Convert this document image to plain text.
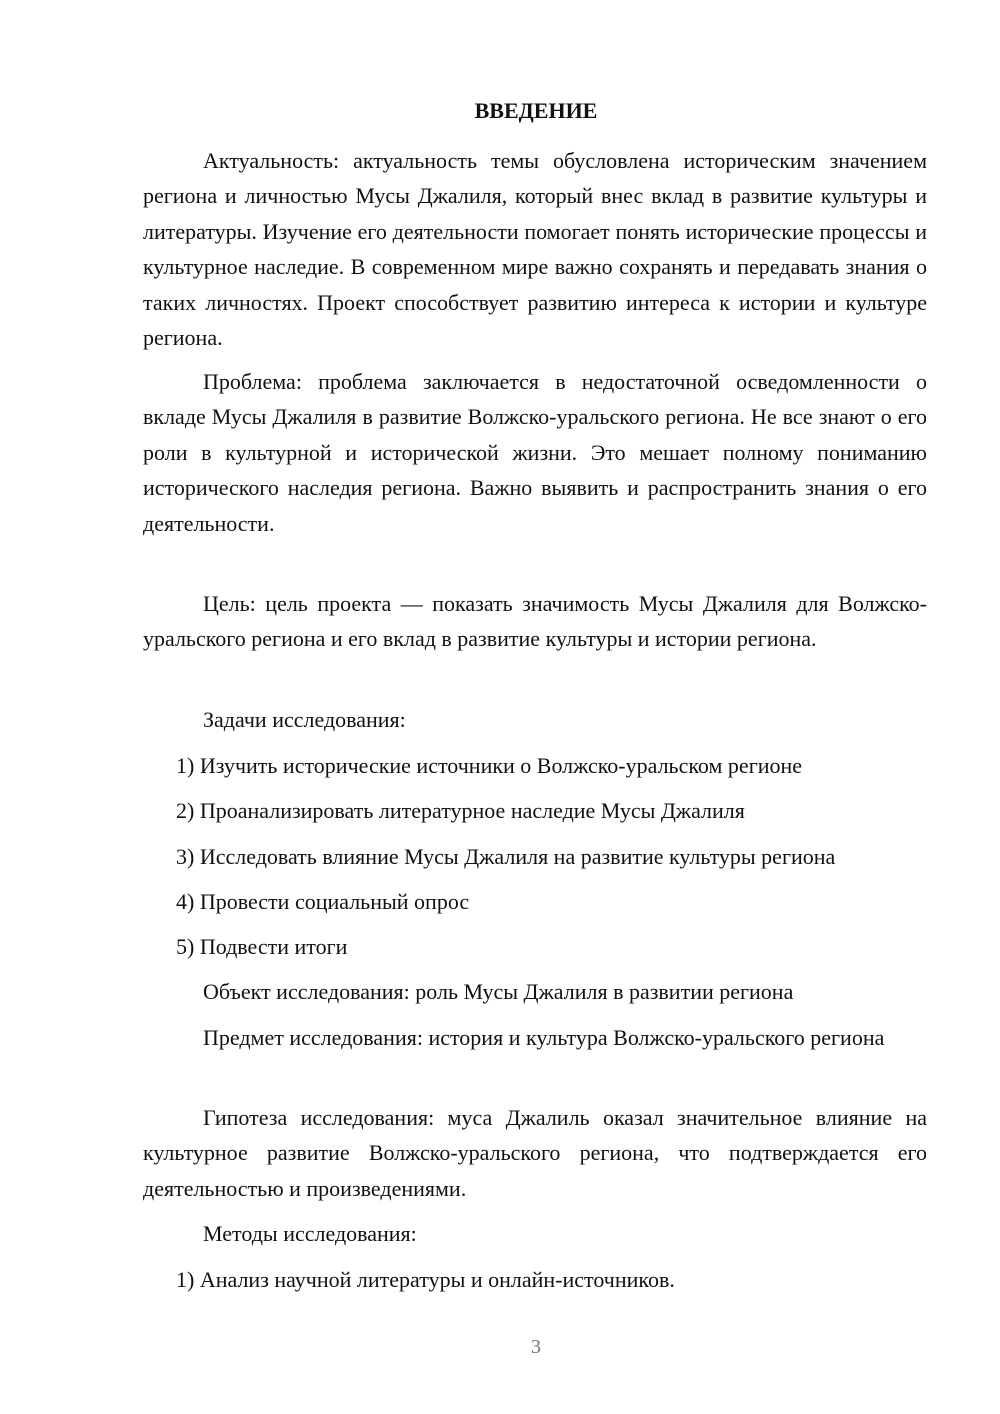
ВВЕДЕНИЕ

Актуальность: актуальность темы обусловлена историческим значением региона и личностью Мусы Джалиля, который внес вклад в развитие культуры и литературы. Изучение его деятельности помогает понять исторические процессы и культурное наследие. В современном мире важно сохранять и передавать знания о таких личностях. Проект способствует развитию интереса к истории и культуре региона.

Проблема: проблема заключается в недостаточной осведомленности о вкладе Мусы Джалиля в развитие Волжско-уральского региона. Не все знают о его роли в культурной и исторической жизни. Это мешает полному пониманию исторического наследия региона. Важно выявить и распространить знания о его деятельности.

Цель: цель проекта — показать значимость Мусы Джалиля для Волжско-уральского региона и его вклад в развитие культуры и истории региона.

Задачи исследования:

1) Изучить исторические источники о Волжско-уральском регионе

2) Проанализировать литературное наследие Мусы Джалиля

3) Исследовать влияние Мусы Джалиля на развитие культуры региона

4) Провести социальный опрос

5) Подвести итоги

Объект исследования: роль Мусы Джалиля в развитии региона

Предмет исследования: история и культура Волжско-уральского региона

Гипотеза исследования: муса Джалиль оказал значительное влияние на культурное развитие Волжско-уральского региона, что подтверждается его деятельностью и произведениями.

Методы исследования:

1) Анализ научной литературы и онлайн-источников.

3
